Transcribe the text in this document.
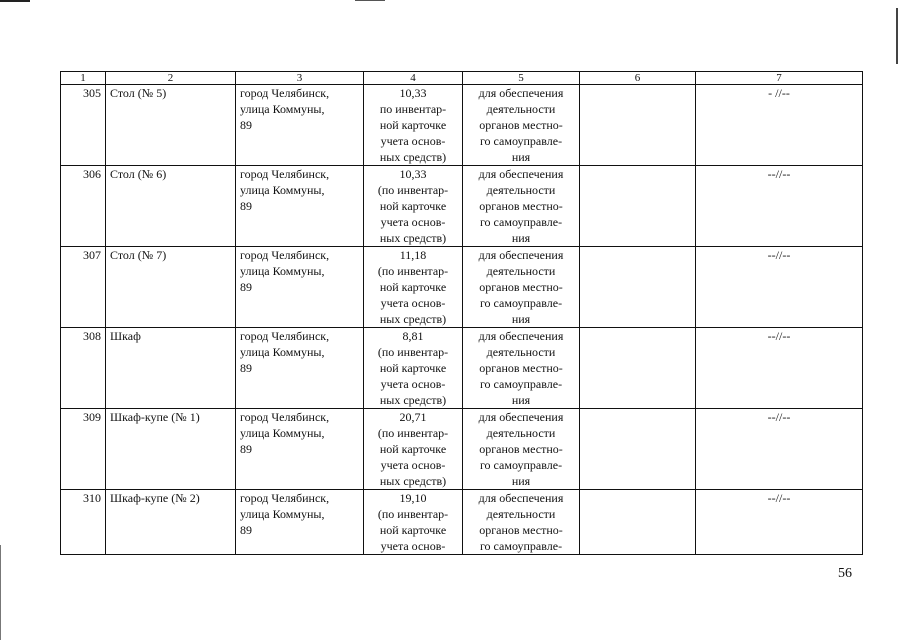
1	2	3	4	5	6	7
305	Стол (№ 5)	город Челябинск,
улица Коммуны,
89	10,33
по инвентар-
ной карточке
учета основ-
ных средств)	для обеспечения
деятельности
органов местно-
го самоуправле-
ния		- //--
306	Стол (№ 6)	город Челябинск,
улица Коммуны,
89	10,33
(по инвентар-
ной карточке
учета основ-
ных средств)	для обеспечения
деятельности
органов местно-
го самоуправле-
ния		--//--
307	Стол (№ 7)	город Челябинск,
улица Коммуны,
89	11,18
(по инвентар-
ной карточке
учета основ-
ных средств)	для обеспечения
деятельности
органов местно-
го самоуправле-
ния		--//--
308	Шкаф	город Челябинск,
улица Коммуны,
89	8,81
(по инвентар-
ной карточке
учета основ-
ных средств)	для обеспечения
деятельности
органов местно-
го самоуправле-
ния		--//--
309	Шкаф-купе (№ 1)	город Челябинск,
улица Коммуны,
89	20,71
(по инвентар-
ной карточке
учета основ-
ных средств)	для обеспечения
деятельности
органов местно-
го самоуправле-
ния		--//--
310	Шкаф-купе (№ 2)	город Челябинск,
улица Коммуны,
89	19,10
(по инвентар-
ной карточке
учета основ-	для обеспечения
деятельности
органов местно-
го самоуправле-		--//--
56
